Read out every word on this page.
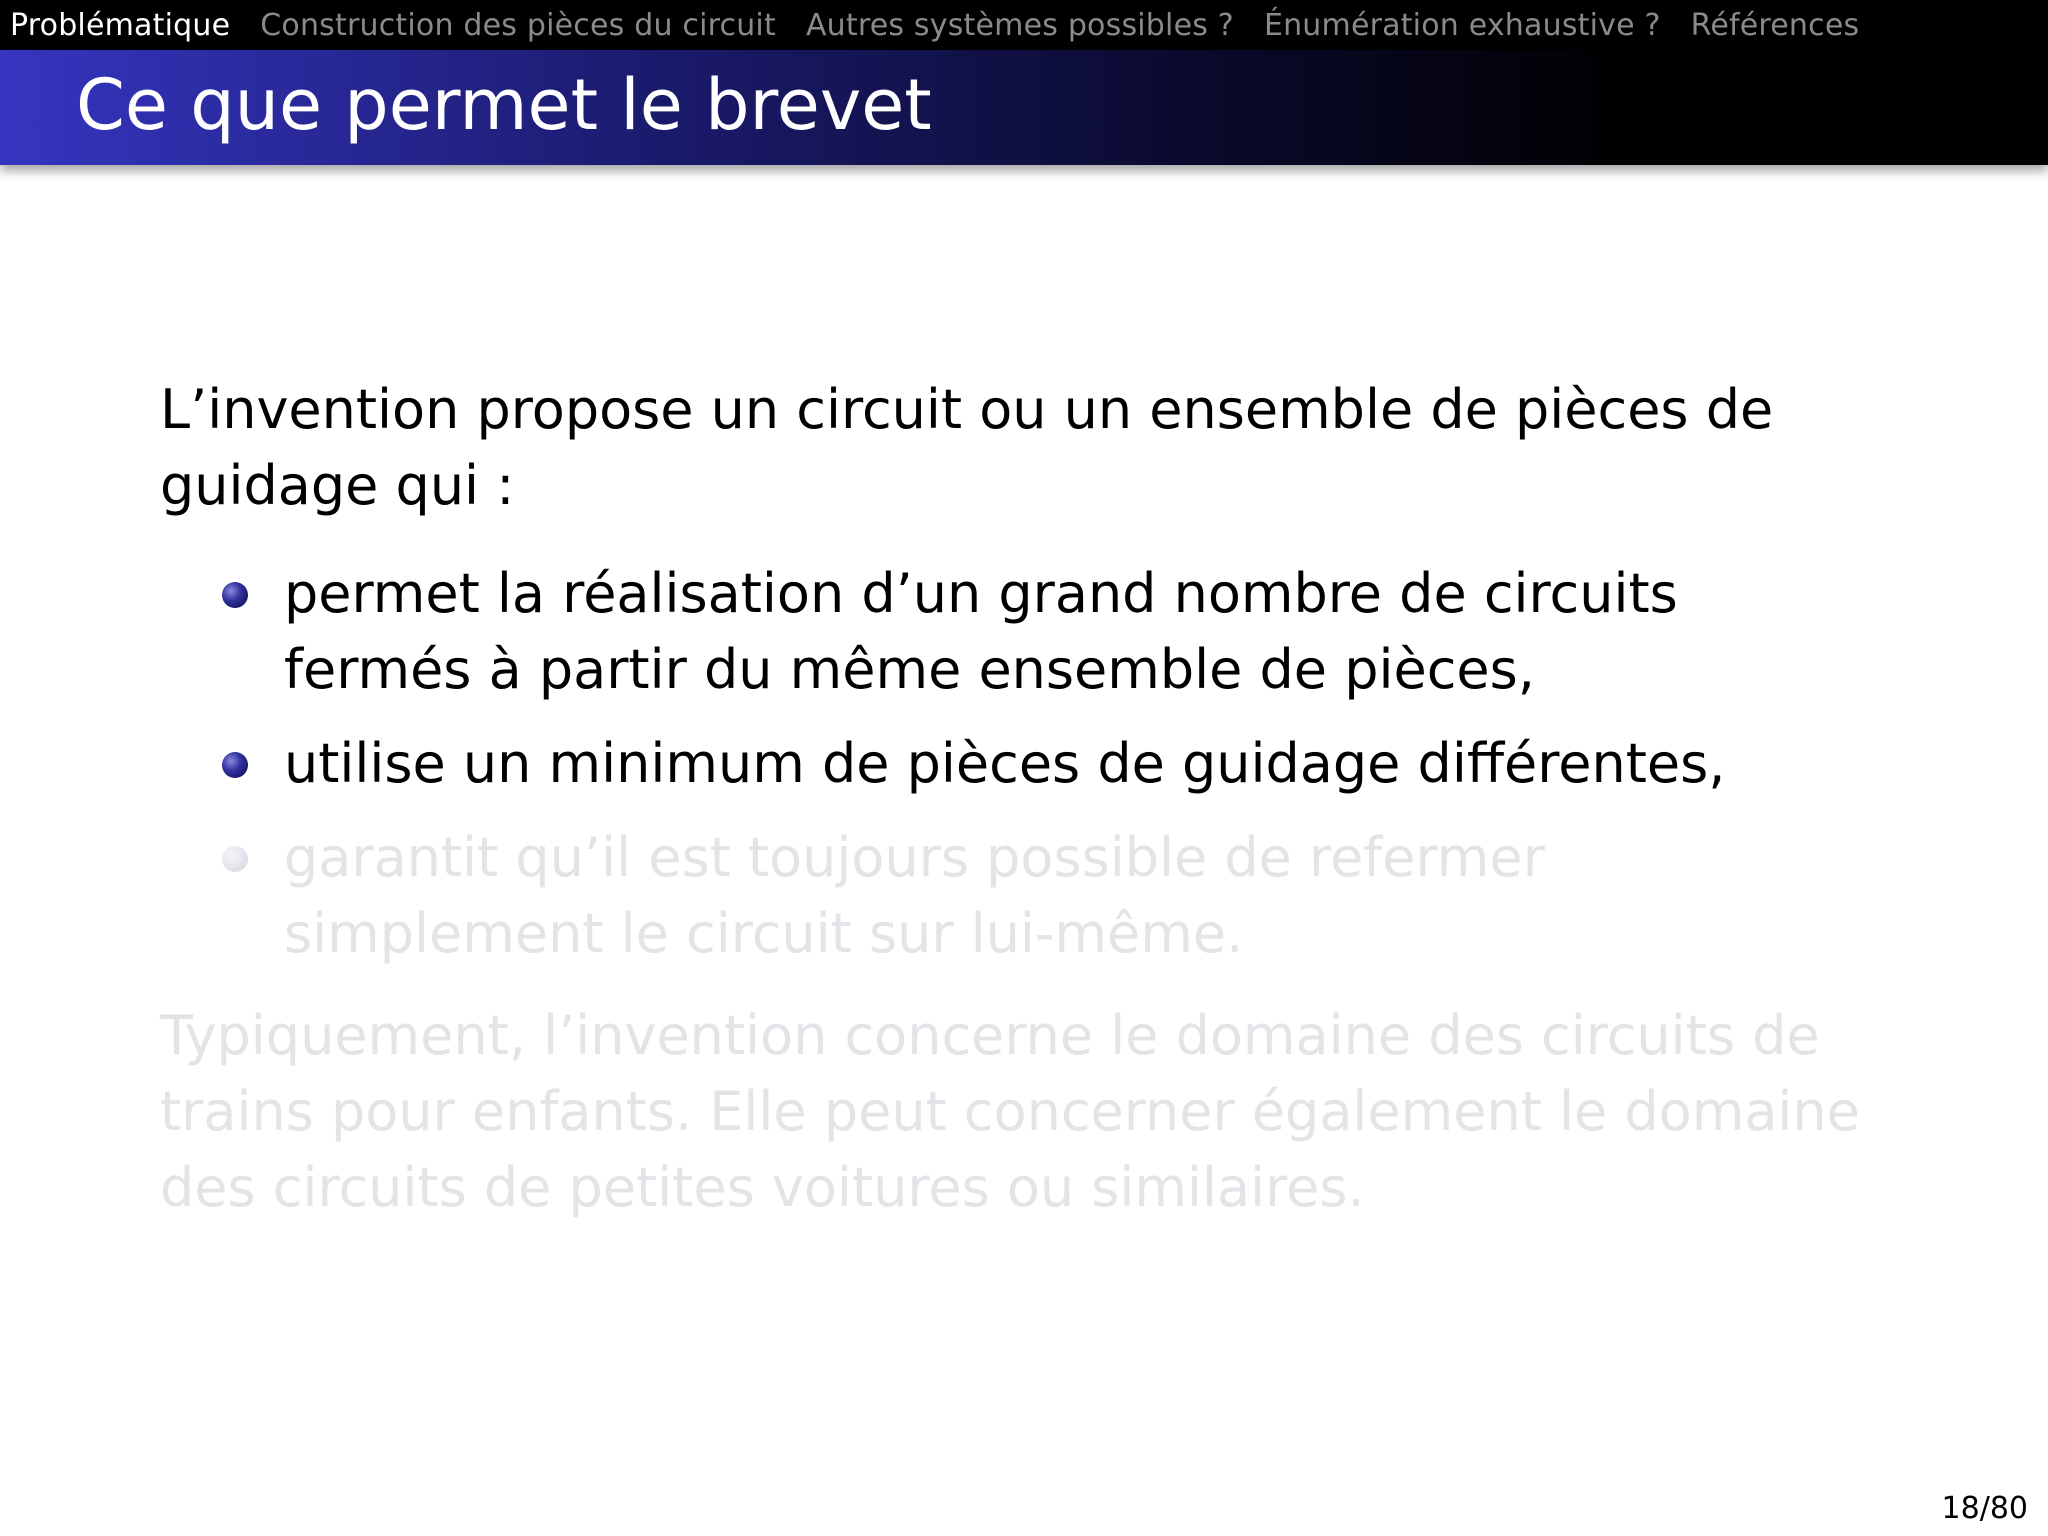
Problématique Construction des pièces du circuit Autres systèmes possibles ? Énumération exhaustive ? Références
Ce que permet le brevet

L’invention propose un circuit ou un ensemble de pièces de guidage qui :

permet la réalisation d’un grand nombre de circuits fermés à partir du même ensemble de pièces,
utilise un minimum de pièces de guidage différentes,
garantit qu’il est toujours possible de refermer simplement le circuit sur lui-même.

Typiquement, l’invention concerne le domaine des circuits de trains pour enfants. Elle peut concerner également le domaine des circuits de petites voitures ou similaires.

18/80
